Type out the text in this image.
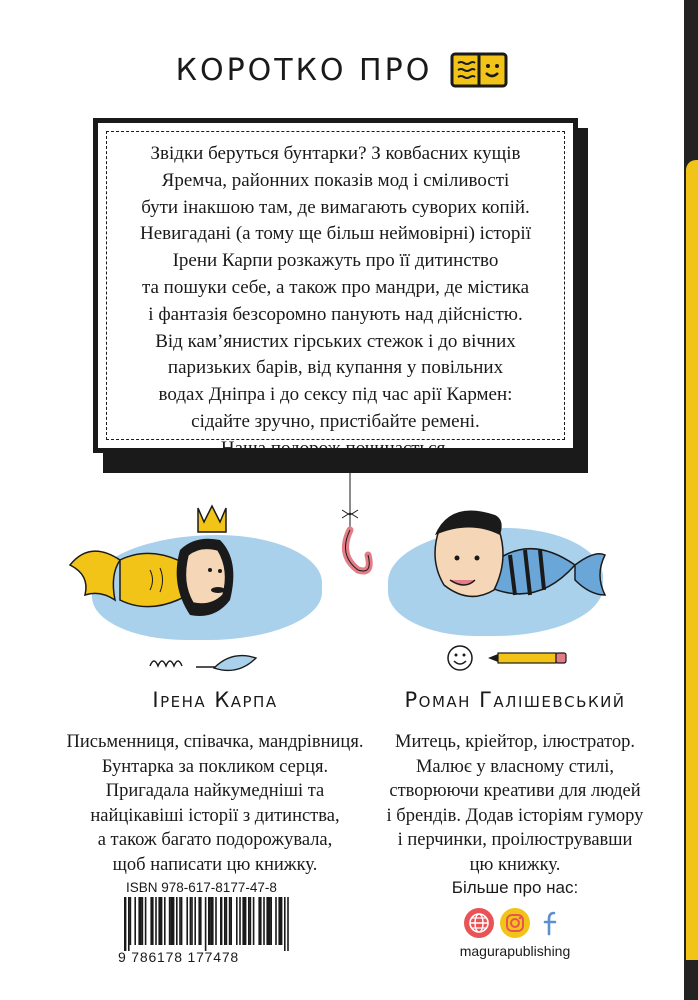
КОРОТКО ПРО
Звідки беруться бунтарки? З ковбасних кущів
Яремча, районних показів мод і сміливості
бути інакшою там, де вимагають суворих копій.
Невигадані (а тому ще більш неймовірні) історії
Ірени Карпи розкажуть про її дитинство
та пошуки себе, а також про мандри, де містика
і фантазія безсоромно панують над дійсністю.
Від кам’янистих гірських стежок і до вічних
паризьких барів, від купання у повільних
водах Дніпра і до сексу під час арії Кармен:
сідайте зручно, пристібайте ремені.
Наша подорож починається.
Ірена Карпа
Письменниця, співачка, мандрівниця.
Бунтарка за покликом серця.
Пригадала найкумедніші та
найцікавіші історії з дитинства,
а також багато подорожувала,
щоб написати цю книжку.
Роман Галішевський
Митець, кріейтор, ілюстратор.
Малює у власному стилі,
створюючи креативи для людей
і брендів. Додав історіям гумору
і перчинки, проілюструвавши
цю книжку.
ISBN 978-617-8177-47-8
9 786178 177478
Більше про нас:
magurapublishing
